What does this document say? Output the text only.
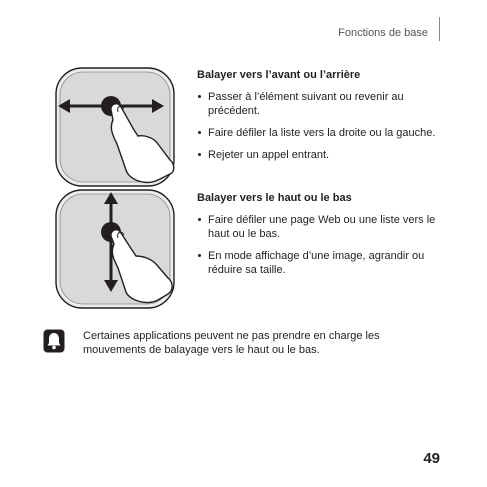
Fonctions de base
Balayer vers l’avant ou l’arrière
Passer à l’élément suivant ou revenir au précédent.
Faire défiler la liste vers la droite ou la gauche.
Rejeter un appel entrant.
Balayer vers le haut ou le bas
Faire défiler une page Web ou une liste vers le haut ou le bas.
En mode affichage d’une image, agrandir ou réduire sa taille.
Certaines applications peuvent ne pas prendre en charge les mouvements de balayage vers le haut ou le bas.
49
